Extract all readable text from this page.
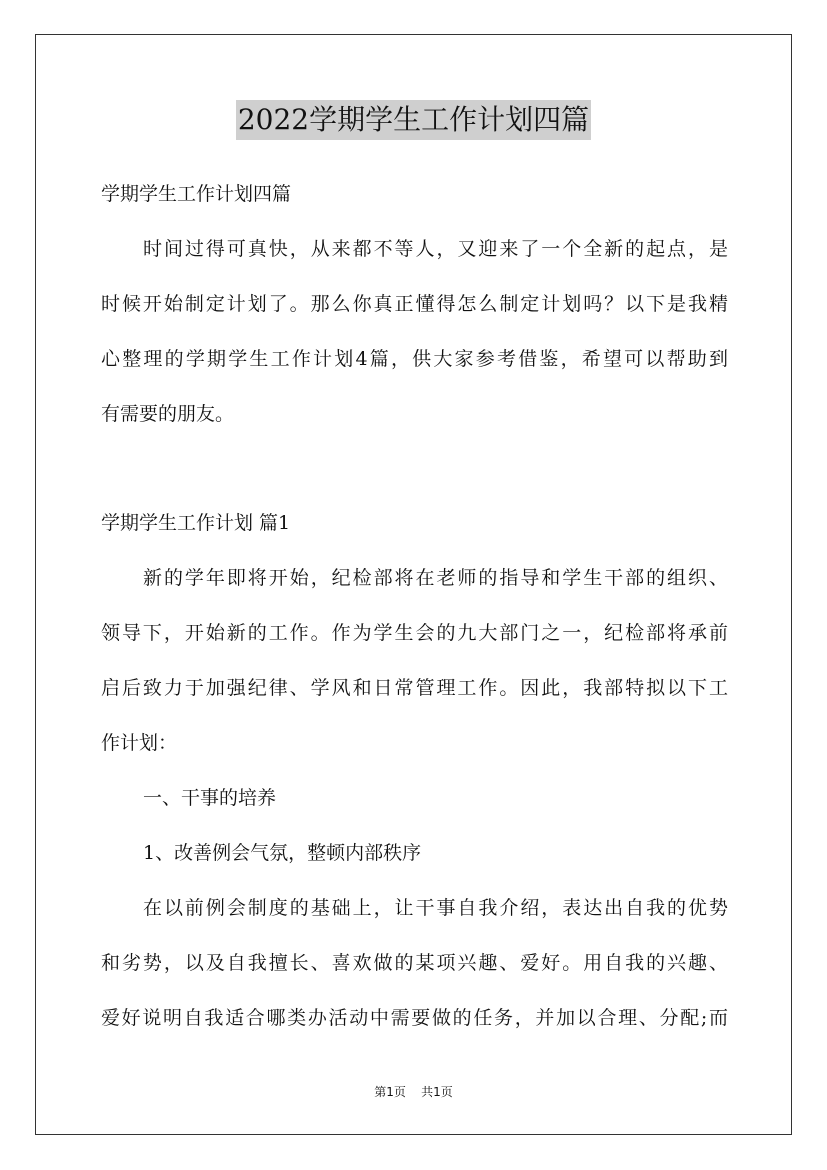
2022学期学生工作计划四篇
学期学生工作计划四篇
时间过得可真快，从来都不等人，又迎来了一个全新的起点，是
时候开始制定计划了。那么你真正懂得怎么制定计划吗？以下是我精
心整理的学期学生工作计划4篇，供大家参考借鉴，希望可以帮助到
有需要的朋友。
学期学生工作计划 篇1
新的学年即将开始，纪检部将在老师的指导和学生干部的组织、
领导下，开始新的工作。作为学生会的九大部门之一，纪检部将承前
启后致力于加强纪律、学风和日常管理工作。因此，我部特拟以下工
作计划：
一、干事的培养
1、改善例会气氛，整顿内部秩序
在以前例会制度的基础上，让干事自我介绍，表达出自我的优势
和劣势，以及自我擅长、喜欢做的某项兴趣、爱好。用自我的兴趣、
爱好说明自我适合哪类办活动中需要做的任务，并加以合理、分配;而
第1页 共1页
